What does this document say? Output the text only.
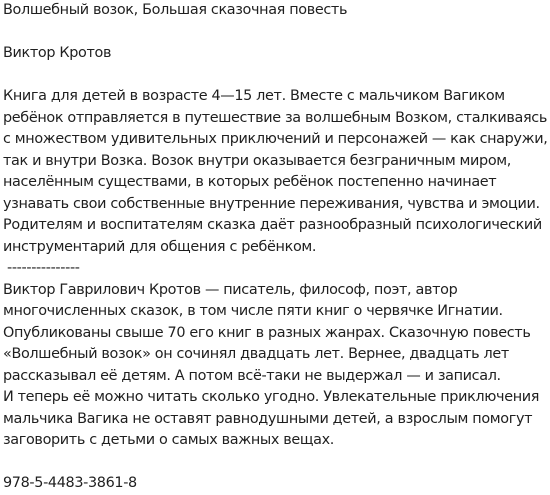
Волшебный возок, Большая сказочная повесть
Виктор Кротов
Книга для детей в возрасте 4—15 лет. Вместе с мальчиком Вагиком
ребёнок отправляется в путешествие за волшебным Возком, сталкиваясь
с множеством удивительных приключений и персонажей — как снаружи,
так и внутри Возка. Возок внутри оказывается безграничным миром,
населённым существами, в которых ребёнок постепенно начинает
узнавать свои собственные внутренние переживания, чувства и эмоции.
Родителям и воспитателям сказка даёт разнообразный психологический
инструментарий для общения с ребёнком.
---------------
Виктор Гаврилович Кротов — писатель, философ, поэт, автор
многочисленных сказок, в том числе пяти книг о червячке Игнатии.
Опубликованы свыше 70 его книг в разных жанрах. Сказочную повесть
«Волшебный возок» он сочинял двадцать лет. Вернее, двадцать лет
рассказывал её детям. А потом всё-таки не выдержал — и записал.
И теперь её можно читать сколько угодно. Увлекательные приключения
мальчика Вагика не оставят равнодушными детей, а взрослым помогут
заговорить с детьми о самых важных вещах.
978-5-4483-3861-8
